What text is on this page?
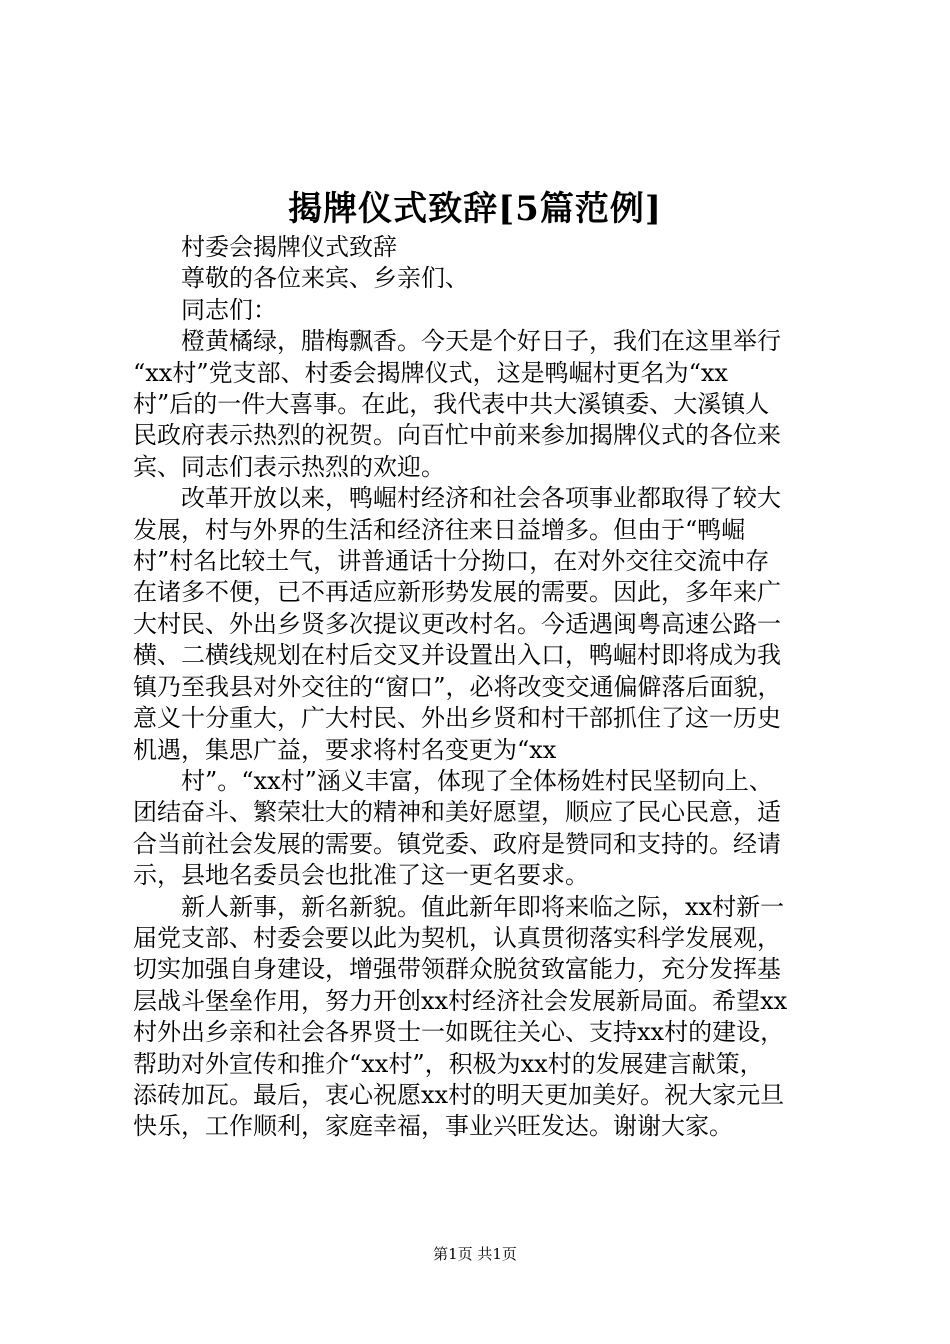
揭牌仪式致辞[5篇范例]
村委会揭牌仪式致辞
尊敬的各位来宾、乡亲们、
同志们：
橙黄橘绿，腊梅飘香。今天是个好日子，我们在这里举行
“xx村”党支部、村委会揭牌仪式，这是鸭崛村更名为“xx
村”后的一件大喜事。在此，我代表中共大溪镇委、大溪镇人
民政府表示热烈的祝贺。向百忙中前来参加揭牌仪式的各位来
宾、同志们表示热烈的欢迎。
改革开放以来，鸭崛村经济和社会各项事业都取得了较大
发展，村与外界的生活和经济往来日益增多。但由于“鸭崛
村”村名比较土气，讲普通话十分拗口，在对外交往交流中存
在诸多不便，已不再适应新形势发展的需要。因此，多年来广
大村民、外出乡贤多次提议更改村名。今适遇闽粤高速公路一
横、二横线规划在村后交叉并设置出入口，鸭崛村即将成为我
镇乃至我县对外交往的“窗口”，必将改变交通偏僻落后面貌，
意义十分重大，广大村民、外出乡贤和村干部抓住了这一历史
机遇，集思广益，要求将村名变更为“xx
村”。“xx村”涵义丰富，体现了全体杨姓村民坚韧向上、
团结奋斗、繁荣壮大的精神和美好愿望，顺应了民心民意，适
合当前社会发展的需要。镇党委、政府是赞同和支持的。经请
示，县地名委员会也批准了这一更名要求。
新人新事，新名新貌。值此新年即将来临之际，xx村新一
届党支部、村委会要以此为契机，认真贯彻落实科学发展观，
切实加强自身建设，增强带领群众脱贫致富能力，充分发挥基
层战斗堡垒作用，努力开创xx村经济社会发展新局面。希望xx
村外出乡亲和社会各界贤士一如既往关心、支持xx村的建设，
帮助对外宣传和推介“xx村”，积极为xx村的发展建言献策，
添砖加瓦。最后，衷心祝愿xx村的明天更加美好。祝大家元旦
快乐，工作顺利，家庭幸福，事业兴旺发达。谢谢大家。
第1页 共1页
